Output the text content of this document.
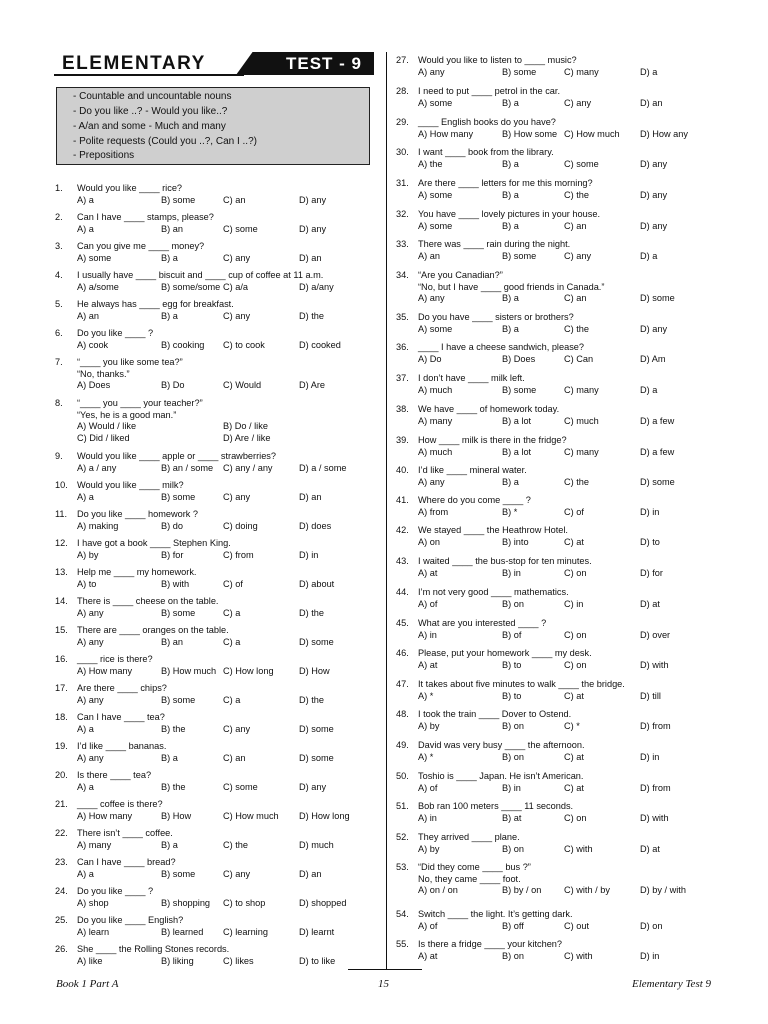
ELEMENTARY	TEST - 9
- Countable and uncountable nouns
- Do you like ..? - Would you like..?
- A/an and some - Much and many
- Polite requests (Could you ..?, Can I ..?)
- Prepositions
1. Would you like ____ rice?
A) a	B) some	C) an	D) any
2. Can I have ____ stamps, please?
A) a	B) an	C) some	D) any
3. Can you give me ____ money?
A) some	B) a	C) any	D) an
4. I usually have ____ biscuit and ____ cup of coffee at 11 a.m.
A) a/some	B) some/some C) a/a	D) a/any
5. He always has ____ egg for breakfast.
A) an	B) a	C) any	D) the
6. Do you like ____ ?
A) cook	B) cooking C) to cook	D) cooked
7. “____ you like some tea?”
“No, thanks.”
A) Does	B) Do	C) Would	D) Are
8. “____ you ____ your teacher?”
“Yes, he is a good man.”
A) Would / like	B) Do / like
C) Did / liked	D) Are / like
9. Would you like ____ apple or ____ strawberries?
A) a / any	B) an / some C) any / any	D) a / some
10. Would you like ____ milk?
A) a	B) some	C) any	D) an
11. Do you like ____ homework ?
A) making	B) do	C) doing	D) does
12. I have got a book ____ Stephen King.
A) by	B) for	C) from	D) in
13. Help me ____ my homework.
A) to	B) with	C) of	D) about
14. There is ____ cheese on the table.
A) any	B) some	C) a	D) the
15. There are ____ oranges on the table.
A) any	B) an	C) a	D) some
16. ____ rice is there?
A) How many	B) How much C) How long	D) How
17. Are there ____ chips?
A) any	B) some	C) a	D) the
18. Can I have ____ tea?
A) a	B) the	C) any	D) some
19. I’d like ____ bananas.
A) any	B) a	C) an	D) some
20. Is there ____ tea?
A) a	B) the	C) some	D) any
21. ____ coffee is there?
A) How many	B) How	C) How much D) How long
22. There isn’t ____ coffee.
A) many	B) a	C) the	D) much
23. Can I have ____ bread?
A) a	B) some	C) any	D) an
24. Do you like ____ ?
A) shop	B) shopping C) to shop	D) shopped
25. Do you like ____ English?
A) learn	B) learned C) learning	D) learnt
26. She ____ the Rolling Stones records.
A) like	B) liking	C) likes	D) to like
27. Would you like to listen to ____ music?
A) any	B) some	C) many	D) a
28. I need to put ____ petrol in the car.
A) some	B) a	C) any	D) an
29. ____ English books do you have?
A) How many	B) How some C) How much D) How any
30. I want ____ book from the library.
A) the	B) a	C) some	D) any
31. Are there ____ letters for me this morning?
A) some	B) a	C) the	D) any
32. You have ____ lovely pictures in your house.
A) some	B) a	C) an	D) any
33. There was ____ rain during the night.
A) an	B) some	C) any	D) a
34. “Are you Canadian?”
“No, but I have ____ good friends in Canada.”
A) any	B) a	C) an	D) some
35. Do you have ____ sisters or brothers?
A) some	B) a	C) the	D) any
36. ____ I have a cheese sandwich, please?
A) Do	B) Does	C) Can	D) Am
37. I don’t have ____ milk left.
A) much	B) some	C) many	D) a
38. We have ____ of homework today.
A) many	B) a lot	C) much	D) a few
39. How ____ milk is there in the fridge?
A) much	B) a lot	C) many	D) a few
40. I’d like ____ mineral water.
A) any	B) a	C) the	D) some
41. Where do you come ____ ?
A) from	B) *	C) of	D) in
42. We stayed ____ the Heathrow Hotel.
A) on	B) into	C) at	D) to
43. I waited ____ the bus-stop for ten minutes.
A) at	B) in	C) on	D) for
44. I’m not very good ____ mathematics.
A) of	B) on	C) in	D) at
45. What are you interested ____ ?
A) in	B) of	C) on	D) over
46. Please, put your homework ____ my desk.
A) at	B) to	C) on	D) with
47. It takes about five minutes to walk ____ the bridge.
A) *	B) to	C) at	D) till
48. I took the train ____ Dover to Ostend.
A) by	B) on	C) *	D) from
49. David was very busy ____ the afternoon.
A) *	B) on	C) at	D) in
50. Toshio is ____ Japan. He isn’t American.
A) of	B) in	C) at	D) from
51. Bob ran 100 meters ____ 11 seconds.
A) in	B) at	C) on	D) with
52. They arrived ____ plane.
A) by	B) on	C) with	D) at
53. “Did they come ____ bus ?”
No, they came ____ foot.
A) on / on	B) by / on C) with / by	D) by / with
54. Switch ____ the light. It’s getting dark.
A) of	B) off	C) out	D) on
55. Is there a fridge ____ your kitchen?
A) at	B) on	C) with	D) in
Book 1 Part A	15	Elementary Test 9
